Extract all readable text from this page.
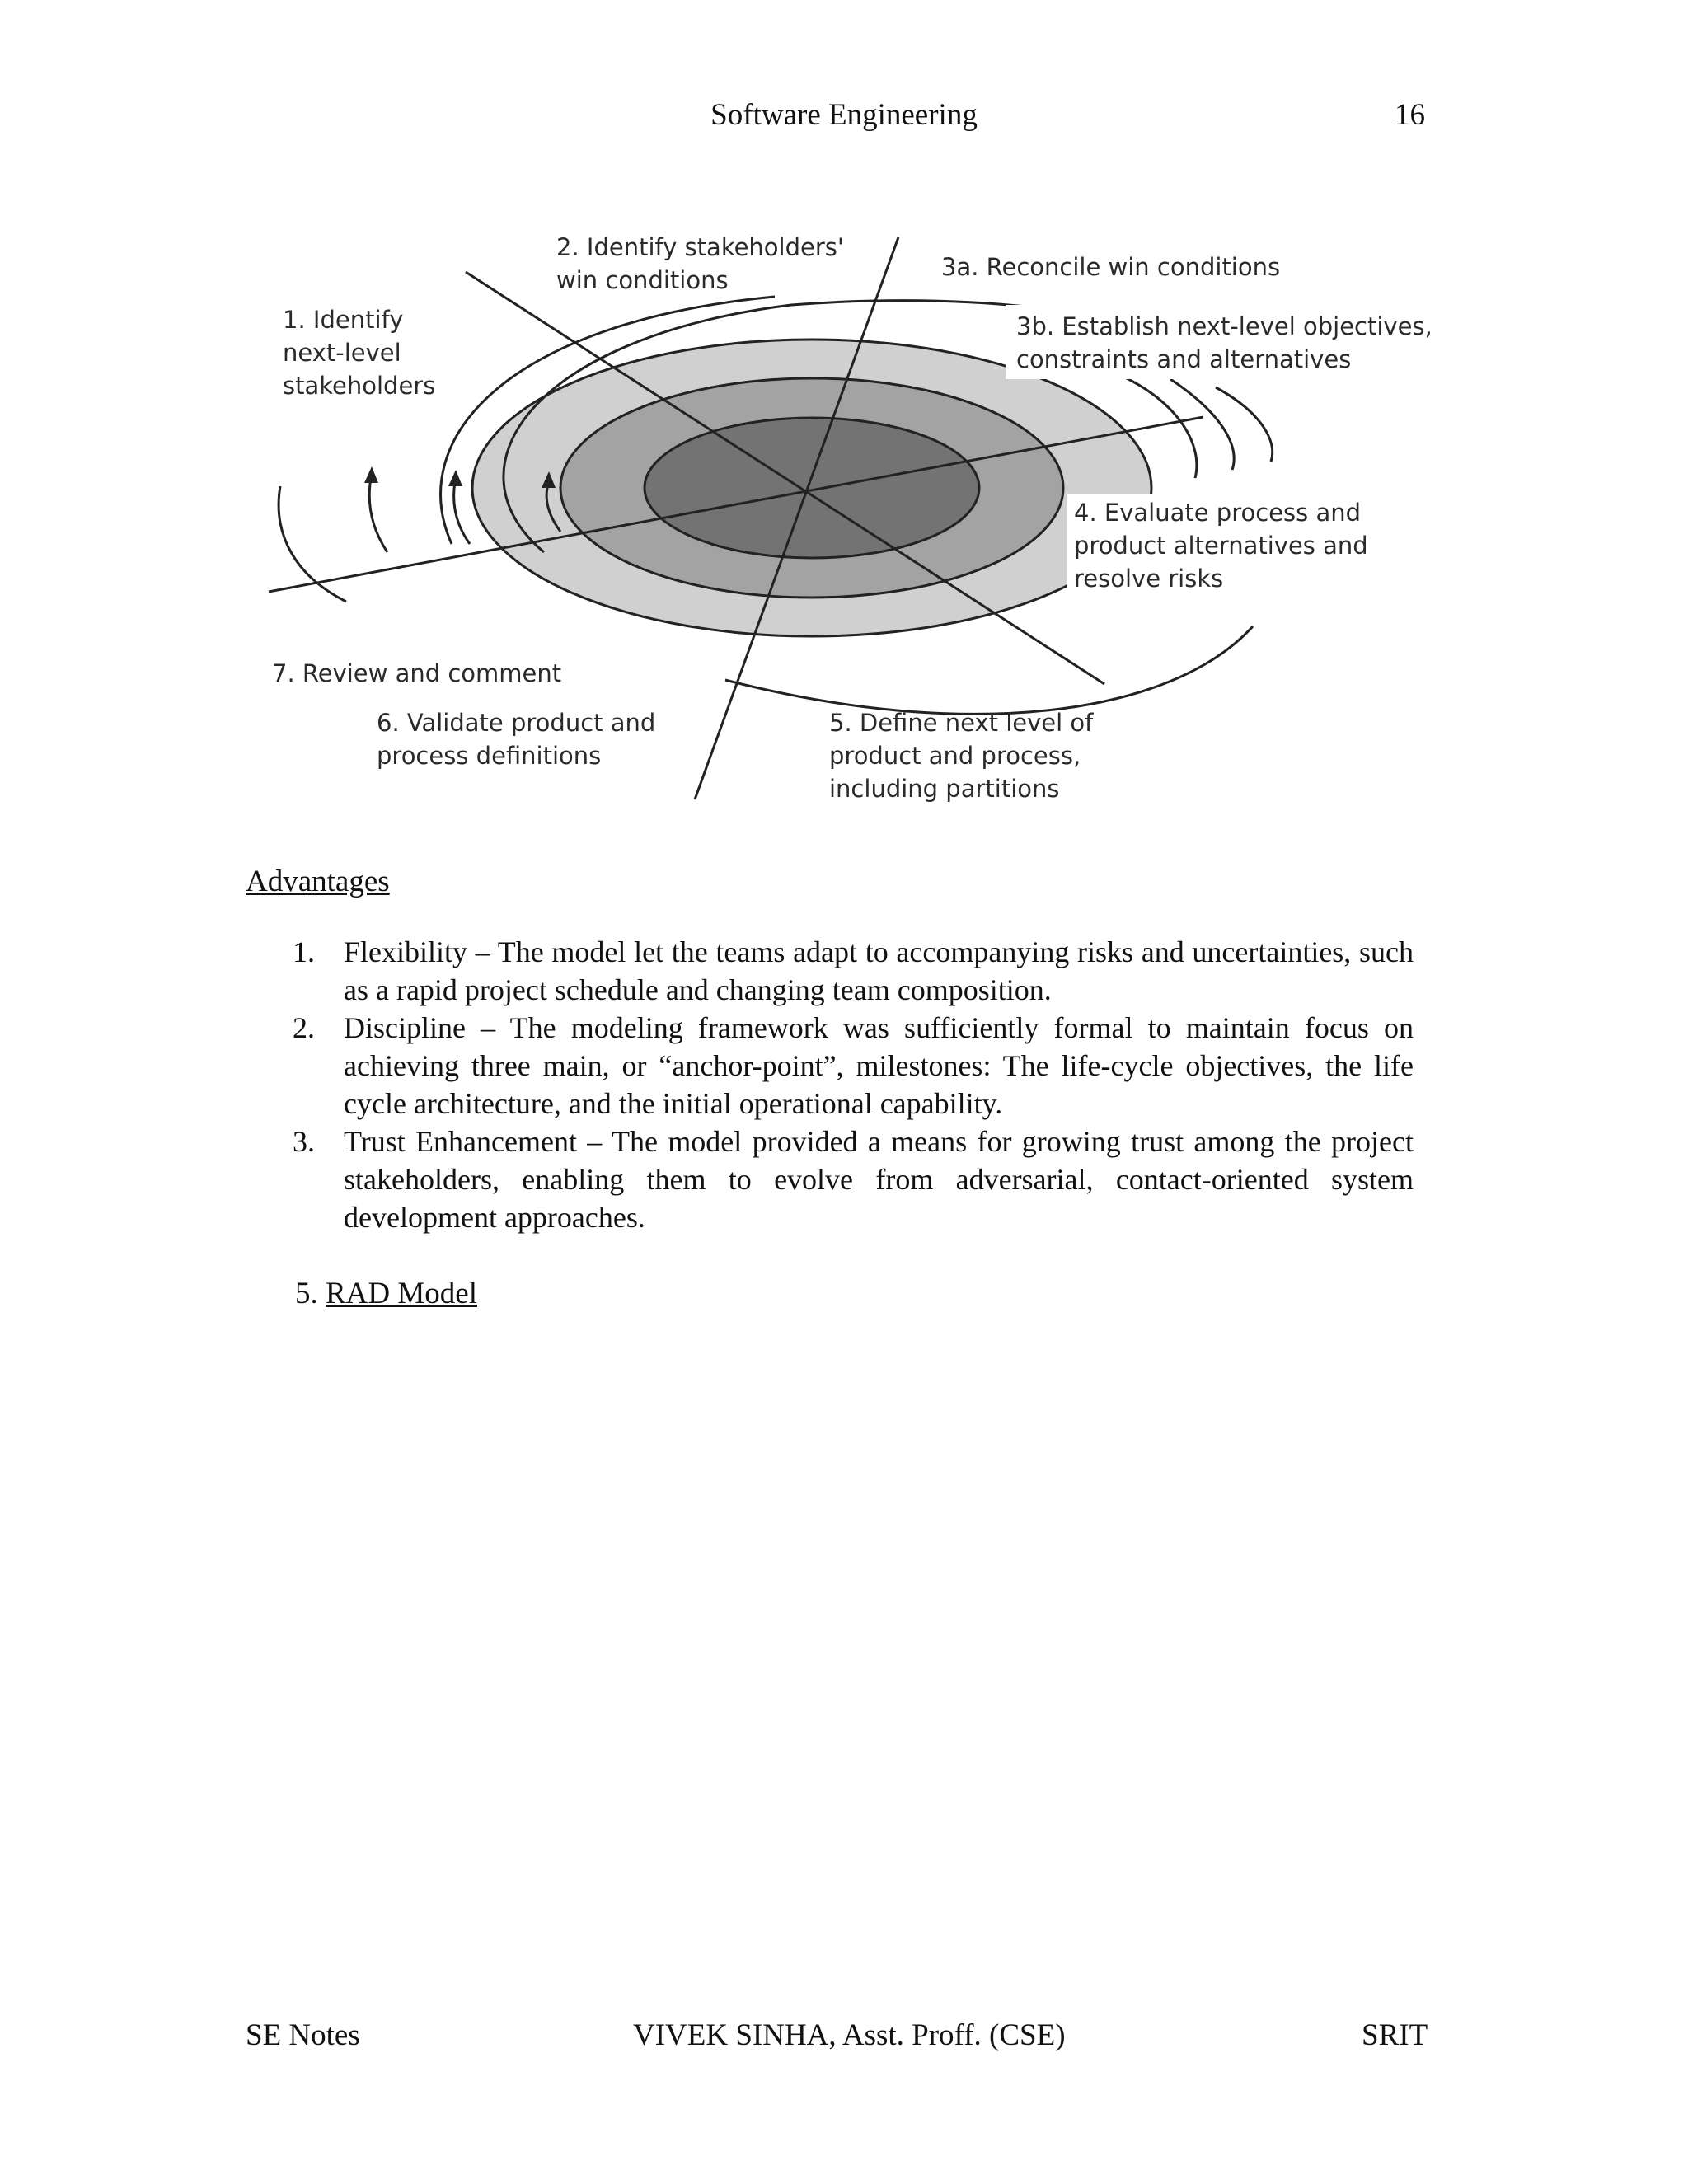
Software Engineering	16
1. Identify next-level stakeholders
2. Identify stakeholders' win conditions	3a. Reconcile win conditions
3b. Establish next-level objectives, constraints and alternatives
4. Evaluate process and product alternatives and resolve risks
5. Define next level of product and process, including partitions
6. Validate product and process definitions
7. Review and comment
Advantages
1. Flexibility – The model let the teams adapt to accompanying risks and uncertainties, such as a rapid project schedule and changing team composition.
2. Discipline – The modeling framework was sufficiently formal to maintain focus on achieving three main, or “anchor-point”, milestones: The life-cycle objectives, the life cycle architecture, and the initial operational capability.
3. Trust Enhancement – The model provided a means for growing trust among the project stakeholders, enabling them to evolve from adversarial, contact-oriented system development approaches.
5. RAD Model
SE Notes	VIVEK SINHA, Asst. Proff. (CSE)	SRIT
